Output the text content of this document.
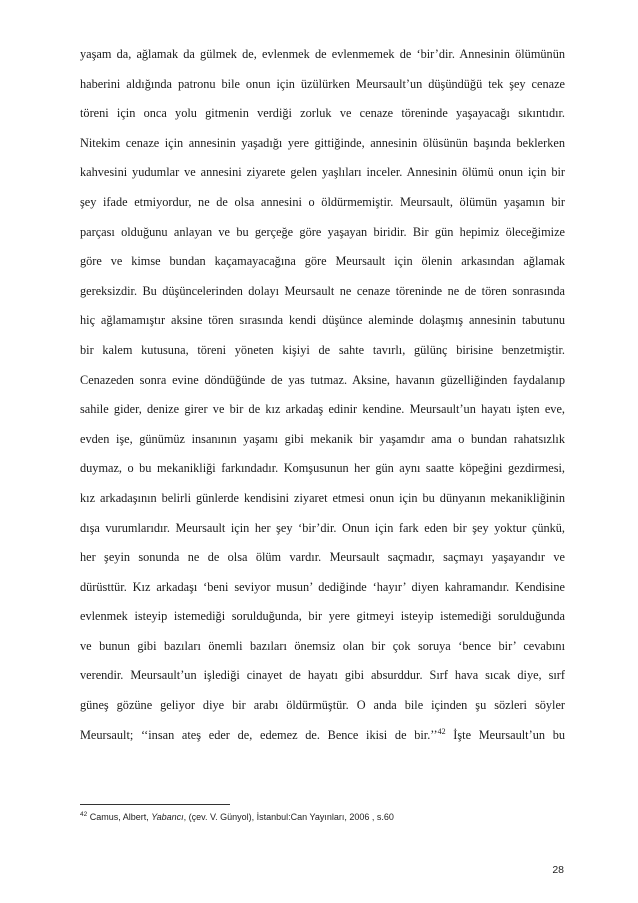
yaşam da, ağlamak da gülmek de, evlenmek de evlenmemek de ‘bir’dir. Annesinin ölümünün
haberini aldığında patronu bile onun için üzülürken Meursault’un düşündüğü tek şey cenaze
töreni için onca yolu gitmenin verdiği zorluk ve cenaze töreninde yaşayacağı sıkıntıdır.
Nitekim cenaze için annesinin yaşadığı yere gittiğinde, annesinin ölüsünün başında beklerken
kahvesini yudumlar ve annesini ziyarete gelen yaşlıları inceler. Annesinin ölümü onun için bir
şey ifade etmiyordur, ne de olsa annesini o öldürmemiştir. Meursault, ölümün yaşamın bir
parçası olduğunu anlayan ve bu gerçeğe göre yaşayan biridir. Bir gün hepimiz öleceğimize
göre ve kimse bundan kaçamayacağına göre Meursault için ölenin arkasından ağlamak
gereksizdir. Bu düşüncelerinden dolayı Meursault ne cenaze töreninde ne de tören sonrasında
hiç ağlamamıştır aksine tören sırasında kendi düşünce aleminde dolaşmış annesinin tabutunu
bir kalem kutusuna, töreni yöneten kişiyi de sahte tavırlı, gülünç birisine benzetmiştir.
Cenazeden sonra evine döndüğünde de yas tutmaz. Aksine, havanın güzelliğinden faydalanıp
sahile gider, denize girer ve bir de kız arkadaş edinir kendine. Meursault’un hayatı işten eve,
evden işe, günümüz insanının yaşamı gibi mekanik bir yaşamdır ama o bundan rahatsızlık
duymaz, o bu mekanikliği farkındadır. Komşusunun her gün aynı saatte köpeğini gezdirmesi,
kız arkadaşının belirli günlerde kendisini ziyaret etmesi onun için bu dünyanın mekanikliğinin
dışa vurumlarıdır. Meursault için her şey ‘bir’dir. Onun için fark eden bir şey yoktur çünkü,
her şeyin sonunda ne de olsa ölüm vardır. Meursault saçmadır, saçmayı yaşayandır ve
dürüsttür. Kız arkadaşı ‘beni seviyor musun’ dediğinde ‘hayır’ diyen kahramandır. Kendisine
evlenmek isteyip istemediği sorulduğunda, bir yere gitmeyi isteyip istemediği sorulduğunda
ve bunun gibi bazıları önemli bazıları önemsiz olan bir çok soruya ‘bence bir’ cevabını
verendir. Meursault’un işlediği cinayet de hayatı gibi absurddur. Sırf hava sıcak diye, sırf
güneş gözüne geliyor diye bir arabı öldürmüştür. O anda bile içinden şu sözleri söyler
Meursault; ‘‘insan ateş eder de, edemez de. Bence ikisi de bir.’’$^{42}$ İşte Meursault’un bu
$^{42}$ Camus, Albert, Yabancı, (çev. V. Günyol), İstanbul:Can Yayınları, 2006 , s.60
28
